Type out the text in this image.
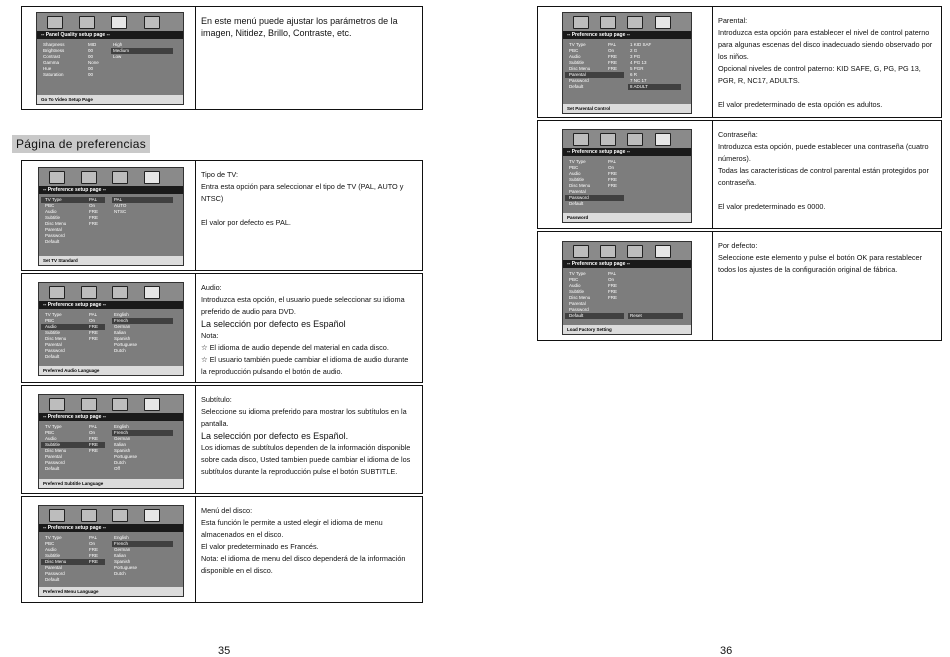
-- Panel Quality setup page --
Sharpness	MID
Brightness	00
Contrast	00
Gamma	None
Hue	00
Saturation	00
High
Medium
Low
Go To Video Setup Page

En este menú puede ajustar los parámetros de la imagen, Nitidez, Brillo, Contraste, etc.

Página de preferencias
-- Preference setup page --
TV Type	PAL
PBC	On
Audio	FRE
Subtitle	FRE
Disc Menu	FRE
Parental
Password
Default
PAL
AUTO
NTSC
Set TV Standard

Tipo de TV:

Entra esta opción para seleccionar el tipo de TV (PAL, AUTO y NTSC)

El valor por defecto es PAL.

-- Preference setup page --
TV Type	PAL
PBC	On
Audio	FRE
Subtitle	FRE
Disc Menu	FRE
Parental
Password
Default
English
French
German
Italian
Spanish
Portuguese
Dutch
Preferred Audio Language

Audio:

Introduzca esta opción, el usuario puede seleccionar su idioma preferido de audio para DVD.

La selección por defecto es Español

Nota:

☆ El idioma de audio depende del material en cada disco.

☆ El usuario también puede cambiar el idioma de audio durante la reproducción pulsando el botón de audio.

-- Preference setup page --
TV Type	PAL
PBC	On
Audio	FRE
Subtitle	FRE
Disc Menu	FRE
Parental
Password
Default
English
French
German
Italian
Spanish
Portuguese
Dutch
Off
Preferred Subtitle Language

Subtítulo:

Seleccione su idioma preferido para mostrar los subtítulos en la pantalla.

La selección por defecto es Español.

Los idiomas de subtítulos dependen de la información disponible sobre cada disco, Usted tambien puede cambiar el idioma de los subtítulos durante la reproducción pulse el botón SUBTITLE.

-- Preference setup page --
TV Type	PAL
PBC	On
Audio	FRE
Subtitle	FRE
Disc Menu	FRE
Parental
Password
Default
English
French
German
Italian
Spanish
Portuguese
Dutch
Preferred Menu Language

Menú del disco:

Esta función le permite a usted elegir el idioma de menu almacenados en el disco.

El valor predeterminado es Francés.

Nota: el idioma de menu del disco dependerá de la información disponible en el disco.

35
-- Preference setup page --
TV Type	PAL
PBC	On
Audio	FRE
Subtitle	FRE
Disc Menu	FRE
Parental
Password
Default
1 KID SAF
2 G
3 PG
4 PG 13
5 PGR
6 R
7 NC 17
8 ADULT
Set Parental Control

Parental:

Introduzca esta opción para establecer el nivel de control paterno para algunas escenas del disco inadecuado siendo observado por los niños.

Opcional niveles de control paterno: KID SAFE, G, PG, PG 13, PGR, R, NC17, ADULTS.

El valor predeterminado de esta opción es adultos.

-- Preference setup page --
TV Type	PAL
PBC	On
Audio	FRE
Subtitle	FRE
Disc Menu	FRE
Parental
Password
Default
Password

Contraseña:

Introduzca esta opción, puede establecer una contraseña (cuatro números).

Todas las características de control parental están protegidos por contraseña.

El valor predeterminado es 0000.

-- Preference setup page --
TV Type	PAL
PBC	On
Audio	FRE
Subtitle	FRE
Disc Menu	FRE
Parental
Password
Default	Reset
Load Factory Setting

Por defecto:

Seleccione este elemento y pulse el botón OK para restablecer todos los ajustes de la configuración original de fábrica.

36
